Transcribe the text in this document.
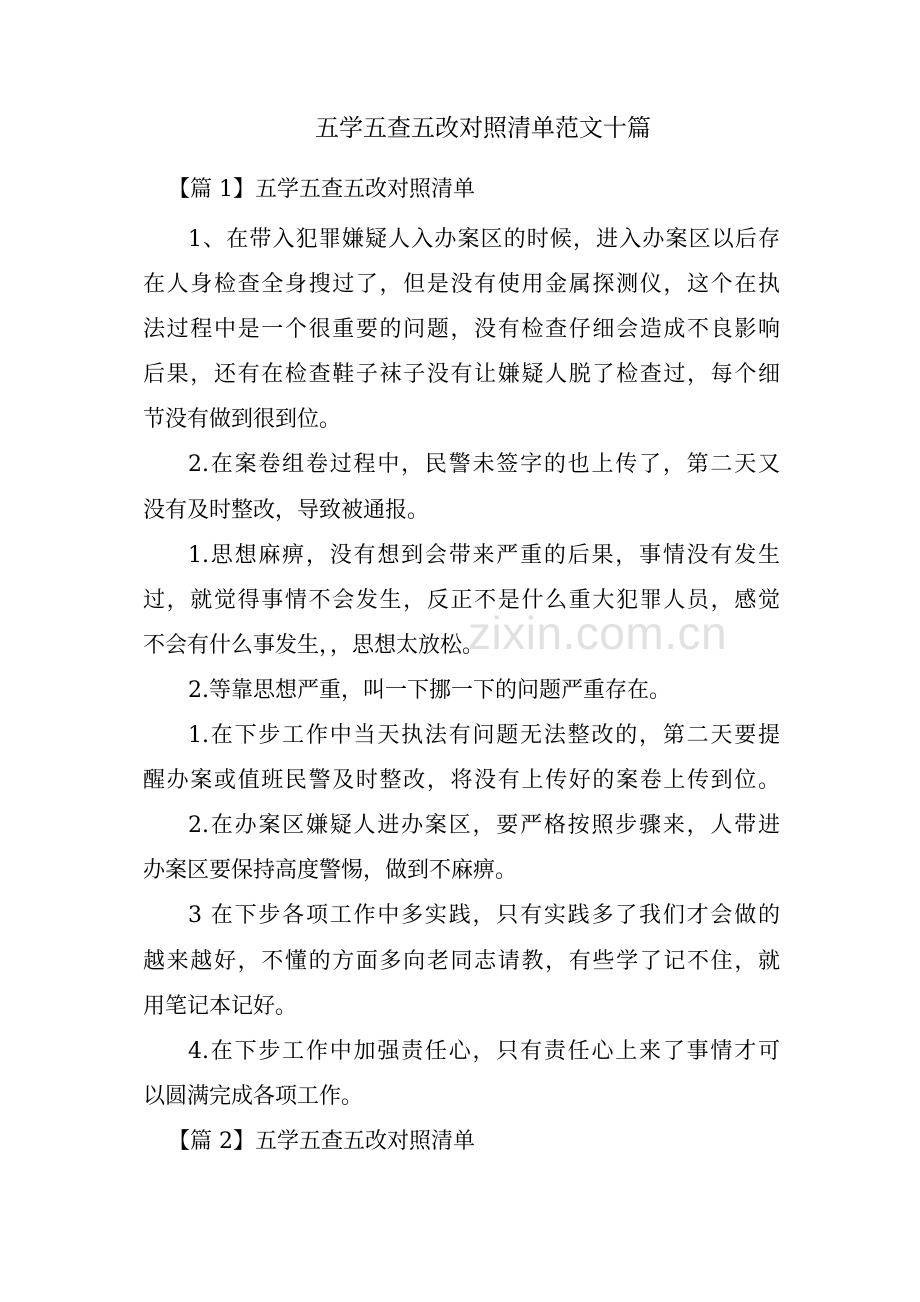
zixin.com.cn
五学五查五改对照清单范文十篇
【篇 1】五学五查五改对照清单
1、在带入犯罪嫌疑人入办案区的时候，进入办案区以后存
在人身检查全身搜过了，但是没有使用金属探测仪，这个在执
法过程中是一个很重要的问题，没有检查仔细会造成不良影响
后果，还有在检查鞋子袜子没有让嫌疑人脱了检查过，每个细
节没有做到很到位。
2.在案卷组卷过程中，民警未签字的也上传了，第二天又
没有及时整改，导致被通报。
1.思想麻痹，没有想到会带来严重的后果，事情没有发生
过，就觉得事情不会发生，反正不是什么重大犯罪人员，感觉
不会有什么事发生，，思想太放松。
2.等靠思想严重，叫一下挪一下的问题严重存在。
1.在下步工作中当天执法有问题无法整改的，第二天要提
醒办案或值班民警及时整改，将没有上传好的案卷上传到位。
2.在办案区嫌疑人进办案区，要严格按照步骤来，人带进
办案区要保持高度警惕，做到不麻痹。
3 在下步各项工作中多实践，只有实践多了我们才会做的
越来越好，不懂的方面多向老同志请教，有些学了记不住，就
用笔记本记好。
4.在下步工作中加强责任心，只有责任心上来了事情才可
以圆满完成各项工作。
【篇 2】五学五查五改对照清单
